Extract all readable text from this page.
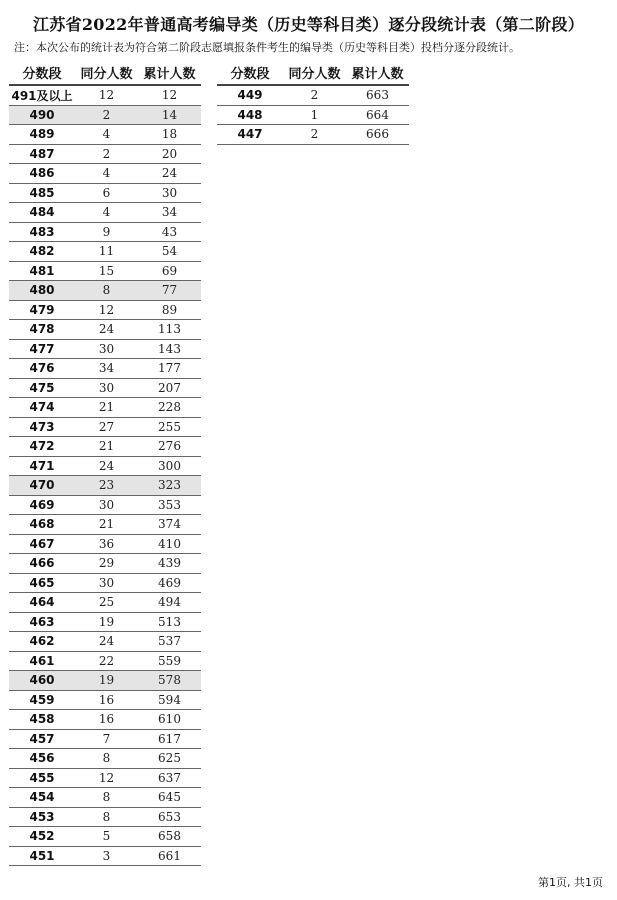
江苏省2022年普通高考编导类（历史等科目类）逐分段统计表（第二阶段）
注：本次公布的统计表为符合第二阶段志愿填报条件考生的编导类（历史等科目类）投档分逐分段统计。
分数段	同分人数	累计人数
491及以上	12	12
490	2	14
489	4	18
487	2	20
486	4	24
485	6	30
484	4	34
483	9	43
482	11	54
481	15	69
480	8	77
479	12	89
478	24	113
477	30	143
476	34	177
475	30	207
474	21	228
473	27	255
472	21	276
471	24	300
470	23	323
469	30	353
468	21	374
467	36	410
466	29	439
465	30	469
464	25	494
463	19	513
462	24	537
461	22	559
460	19	578
459	16	594
458	16	610
457	7	617
456	8	625
455	12	637
454	8	645
453	8	653
452	5	658
451	3	661
分数段	同分人数	累计人数
449	2	663
448	1	664
447	2	666
第1页, 共1页
